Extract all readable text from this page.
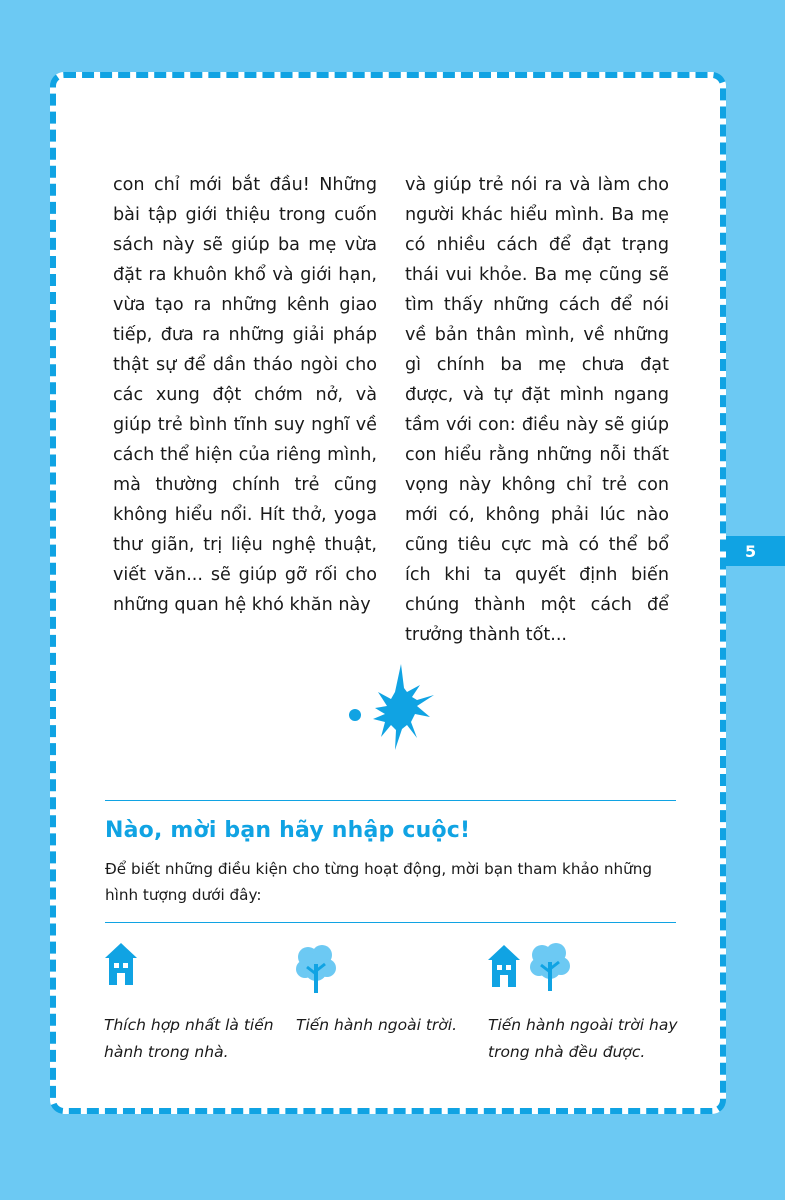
con chỉ mới bắt đầu! Những bài tập giới thiệu trong cuốn sách này sẽ giúp ba mẹ vừa đặt ra khuôn khổ và giới hạn, vừa tạo ra những kênh giao tiếp, đưa ra những giải pháp thật sự để dần tháo ngòi cho các xung đột chớm nở, và giúp trẻ bình tĩnh suy nghĩ về cách thể hiện của riêng mình, mà thường chính trẻ cũng không hiểu nổi. Hít thở, yoga thư giãn, trị liệu nghệ thuật, viết văn... sẽ giúp gỡ rối cho những quan hệ khó khăn này

và giúp trẻ nói ra và làm cho người khác hiểu mình. Ba mẹ có nhiều cách để đạt trạng thái vui khỏe. Ba mẹ cũng sẽ tìm thấy những cách để nói về bản thân mình, về những gì chính ba mẹ chưa đạt được, và tự đặt mình ngang tầm với con: điều này sẽ giúp con hiểu rằng những nỗi thất vọng này không chỉ trẻ con mới có, không phải lúc nào cũng tiêu cực mà có thể bổ ích khi ta quyết định biến chúng thành một cách để trưởng thành tốt...

5
Nào, mời bạn hãy nhập cuộc!

Để biết những điều kiện cho từng hoạt động, mời bạn tham khảo những hình tượng dưới đây:

Thích hợp nhất là tiến hành trong nhà.

Tiến hành ngoài trời.	Tiến hành ngoài trời hay trong nhà đều được.
